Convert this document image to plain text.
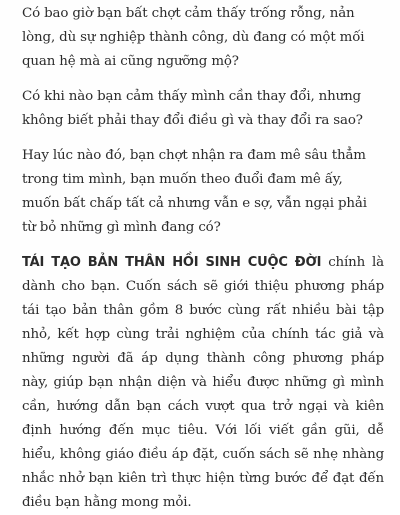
Có bao giờ bạn bất chợt cảm thấy trống rỗng, nản lòng, dù sự nghiệp thành công, dù đang có một mối quan hệ mà ai cũng ngưỡng mộ?

Có khi nào bạn cảm thấy mình cần thay đổi, nhưng không biết phải thay đổi điều gì và thay đổi ra sao?

Hay lúc nào đó, bạn chợt nhận ra đam mê sâu thẳm trong tim mình, bạn muốn theo đuổi đam mê ấy, muốn bất chấp tất cả nhưng vẫn e sợ, vẫn ngại phải từ bỏ những gì mình đang có?

TÁI TẠO BẢN THÂN HỒI SINH CUỘC ĐỜI chính là dành cho bạn. Cuốn sách sẽ giới thiệu phương pháp tái tạo bản thân gồm 8 bước cùng rất nhiều bài tập nhỏ, kết hợp cùng trải nghiệm của chính tác giả và những người đã áp dụng thành công phương pháp này, giúp bạn nhận diện và hiểu được những gì mình cần, hướng dẫn bạn cách vượt qua trở ngại và kiên định hướng đến mục tiêu. Với lối viết gần gũi, dễ hiểu, không giáo điều áp đặt, cuốn sách sẽ nhẹ nhàng nhắc nhở bạn kiên trì thực hiện từng bước để đạt đến điều bạn hằng mong mỏi.
